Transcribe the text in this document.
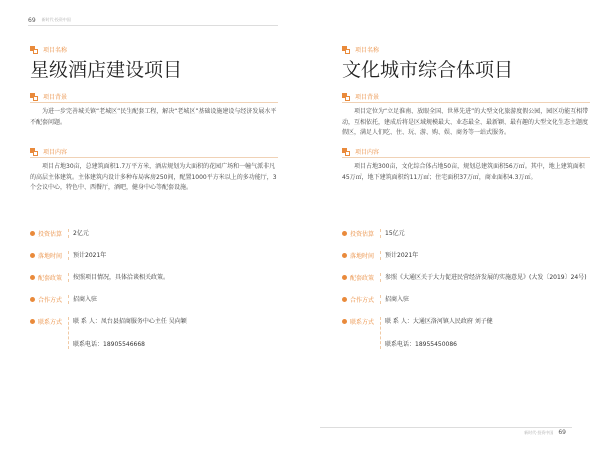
69 新时代·投资中国
项目名称
星级酒店建设项目
项目背景
为进一步完善城关镇“老城区”民生配套工程，解决“老城区”基础设施建设与经济发展水平不配套问题。
项目内容
项目占地30亩，总建筑面积1.7万平方米，酒店规划为大面积的花园广场和一幢气派非凡的高层主体建筑。主体建筑内设计多种布局客房250间，配置1000平方米以上的多功能厅，3个会议中心，特色中、西餐厅，酒吧，健身中心等配套设施。
投资估算	2亿元
落地时间	预计2021年
配套政策	按照项目情况，具体洽谈相关政策。
合作方式	招商入驻
联系方式	联 系 人：凤台县招商服务中心主任 吴向颖
联系电话：18905546668
项目名称
文化城市综合体项目
项目背景
项目定位为“立足淮南、放眼全国、世界先进”的大型文化旅游度假公园，园区功能互相带动，互相依托，建成后将是区域规模最大、业态最全、最新颖、最有趣的大型文化生态主题度假区，满足人们吃、住、玩、游、购、娱、商务等一站式服务。
项目内容
项目占地300亩，文化综合体占地50亩，规划总建筑面积56万㎡。其中，地上建筑面积45万㎡，地下建筑面积约11万㎡；住宅面积37万㎡，商业面积4.3万㎡。
投资估算	15亿元
落地时间	预计2021年
配套政策	参照《大通区关于大力促进民营经济发展的实施意见》(大发〔2019〕24号)
合作方式	招商入驻
联系方式	联 系 人：大通区洛河镇人民政府 刘子健
联系电话：18955450086
新时代·投资中国 69
